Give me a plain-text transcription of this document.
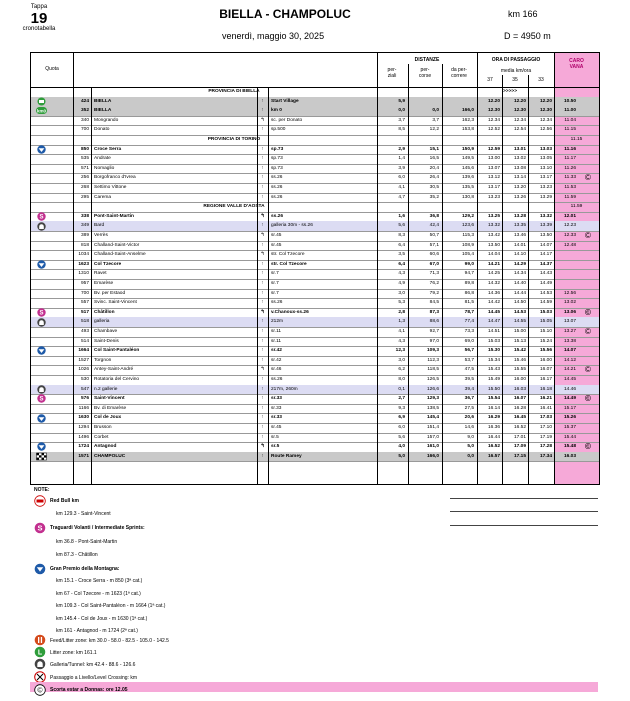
Tappa
19
cronotabella
BIELLA - CHAMPOLUC	km 166
venerdì, maggio 30, 2025	D = 4950 m
Quota
DISTANZE
per-
ziali
per-
corse
da per-
correre
ORA DI PASSAGGIO
media km/ora
37	35	33
CARO
VANA
PROVINCIA DI BIELLA
424 BIELLA	↑	Start Village	5,9	12.20	12.20	12.20	10.50
km0	352 BIELLA	↑	km 0	0,0	0,0	166,0	12.30	12.30	12.30	11.00
340 Mongrando	↰	sc. per Donato	3,7	3,7	162,3	12.34	12.34	12.34	11.04
700 Donato	↑	sp.500	8,5	12,2	153,8	12.52	12.54	12.56	11.15
PROVINCIA DI TORINO	11.15
850 Croce Serra	↑	sp.73	2,9	15,1	150,9	12.59	13.01	13.03	11.16
535 Andrate	↑	sp.73	1,4	16,5	149,5	13.00	13.02	13.05	11.17
571 Nomaglio	↑	sp.73	3,9	20,4	145,6	13.07	13.08	13.10	11.26
256 Borgofranco d'Ivrea	↑	ss.26	6,0	26,4	139,6	13.12	13.14	13.17	11.33 ©
268 Settimo Vittone	↑	ss.26	4,1	30,5	135,5	13.17	13.20	13.23	11.53
295 Carema	↑	ss.26	4,7	35,2	130,8	13.23	13.26	13.29	11.59
REGIONE VALLE D'AOSTA	11.59
S	338 Pont-Saint-Martin	↰	ss.26	1,6	36,8	129,2	13.25	13.28	13.32	12.01
349 Bard	↑	galleria 30m - ss.26	5,6	42,4	123,6	13.32	13.35	13.39	12.23
389 Verrès	↰	sr.45	8,3	50,7	115,3	13.42	13.46	13.50	12.33 ©
818 Challand-Saint-Victor	↑	sr.45	6,4	57,1	108,9	13.50	14.01	14.07	12.48
1034 Challand-Saint-Anselme	↰	str. Col Tzecore	3,5	60,6	105,4	14.04	14.10	14.17
1623 Col Tzecore	↑	str. Col Tzecore	6,4	67,0	99,0	14.21	14.29	14.37
1310 Ravet	↑	sr.7	4,3	71,3	94,7	14.25	14.34	14.43
957 Emarèse	↑	sr.7	4,9	76,2	89,8	14.32	14.40	14.49
700 Bv. per Estaod	↑	sr.7	3,0	79,2	86,8	14.36	14.44	14.53	12.56
557 Svinc. Saint-Vincent	↑	ss.26	5,3	84,5	81,5	14.42	14.50	14.59	13.02
S	517 Châtillon	↰	v.Chanoux-ss.26	2,8	87,3	78,7	14.45	14.53	15.03	13.06 ©
518 galleria	↑	212m	1,3	88,6	77,4	14.47	14.55	15.05	13.07
493 Chambave	↑	sr.11	4,1	92,7	73,3	14.51	15.00	15.10	13.27 ©
514 Saint-Denis	↑	sr.11	4,3	97,0	69,0	15.03	15.13	15.24	13.38
1664 Col Saint-Pantaléon	↑	sr.42	12,3	109,3	56,7	15.30	15.42	15.56	14.07
1527 Torgnon	↑	sr.42	3,0	112,3	53,7	15.34	15.46	16.00	14.12
1026 Antey-Saint-André	↰	sr.46	6,2	118,5	47,5	15.43	15.55	16.07	14.21 ©
530 Rotatoria del Cervino	↑	ss.26	8,0	126,5	39,5	15.49	16.00	16.17	14.45
547 n.2 gallerie	↑	217m, 260m	0,1	126,6	39,4	15.50	16.03	16.18	14.46
S	576 Saint-Vincent	↑	sr.33	2,7	129,3	36,7	15.54	16.07	16.21	14.49 ©
1166 Bv. di Emarèse	↑	sr.33	9,3	138,5	27,5	16.14	16.28	16.41	15.17
1630 Col de Joux	↑	sr.33	6,9	145,4	20,6	16.29	16.45	17.03	15.26
1294 Brusson	↑	sr.45	6,0	151,4	14,6	16.36	16.52	17.10	15.37
1496 Corbet	↑	sr.5	5,6	157,0	9,0	16.44	17.01	17.19	15.44
1724 Antagnod	↰	sr.5	4,0	161,0	5,0	16.52	17.09	17.28	15.48 ©
1571 CHAMPOLUC	↑	Route Ramey	5,0	166,0	0,0	16.57	17.15	17.34	16.03
>>>>>
NOTE:
Red Bull km
km 129.3 - Saint-Vincent
S Traguardi Volanti / Intermediate Sprints:
km 36.8 - Pont-Saint-Martin
km 87.3 - Châtillon
Gran Premio della Montagna:
km 15.1 - Croce Serra - m 850 (3ª cat.)
km 67 - Col Tzecore - m 1623 (1ª cat.)
km 109.3 - Col Saint-Pantaléon - m 1664 (1ª cat.)
km 145.4 - Col de Joux - m 1630 (1ª cat.)
km 161 - Antagnod - m 1724 (2ª cat.)
Feed/Litter zone: km 30.0 - 58.0 - 82.5 - 105.0 - 142.5
L Litter zone: km 161.1
Galleria/Tunnel: km 42.4 - 88.6 - 126.6
Passaggio a Livello/Level Crossing: km
© Scorta estar a Donnas: ore 12.05
